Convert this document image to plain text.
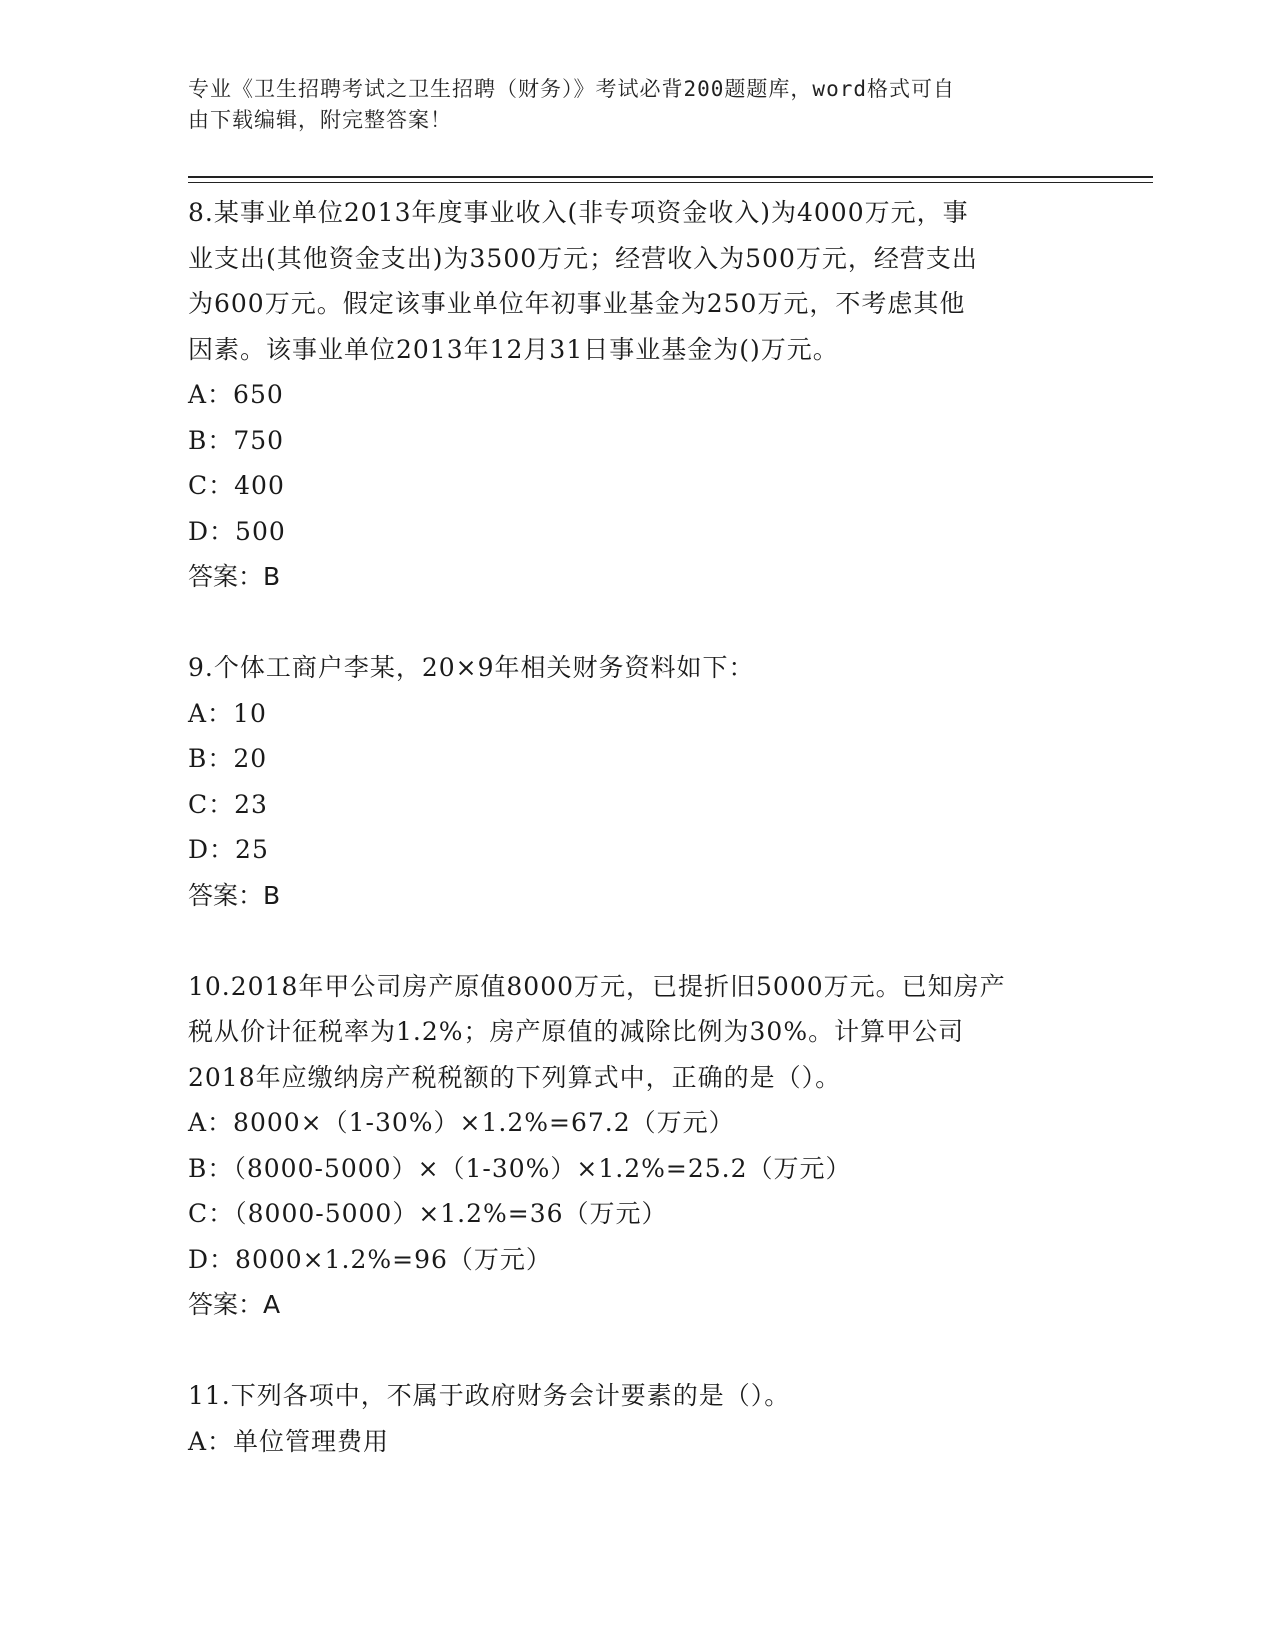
专业《卫生招聘考试之卫生招聘（财务）》考试必背200题题库，word格式可自
由下载编辑，附完整答案！
8.某事业单位2013年度事业收入(非专项资金收入)为4000万元，事
业支出(其他资金支出)为3500万元；经营收入为500万元，经营支出
为600万元。假定该事业单位年初事业基金为250万元，不考虑其他
因素。该事业单位2013年12月31日事业基金为()万元。
A：650
B：750
C：400
D：500
答案：B
9.个体工商户李某，20×9年相关财务资料如下：
A：10
B：20
C：23
D：25
答案：B
10.2018年甲公司房产原值8000万元，已提折旧5000万元。已知房产
税从价计征税率为1.2%；房产原值的减除比例为30%。计算甲公司
2018年应缴纳房产税税额的下列算式中，正确的是（）。
A：8000×（1-30%）×1.2%=67.2（万元）
B：（8000-5000）×（1-30%）×1.2%=25.2（万元）
C：（8000-5000）×1.2%=36（万元）
D：8000×1.2%=96（万元）
答案：A
11.下列各项中，不属于政府财务会计要素的是（）。
A：单位管理费用
